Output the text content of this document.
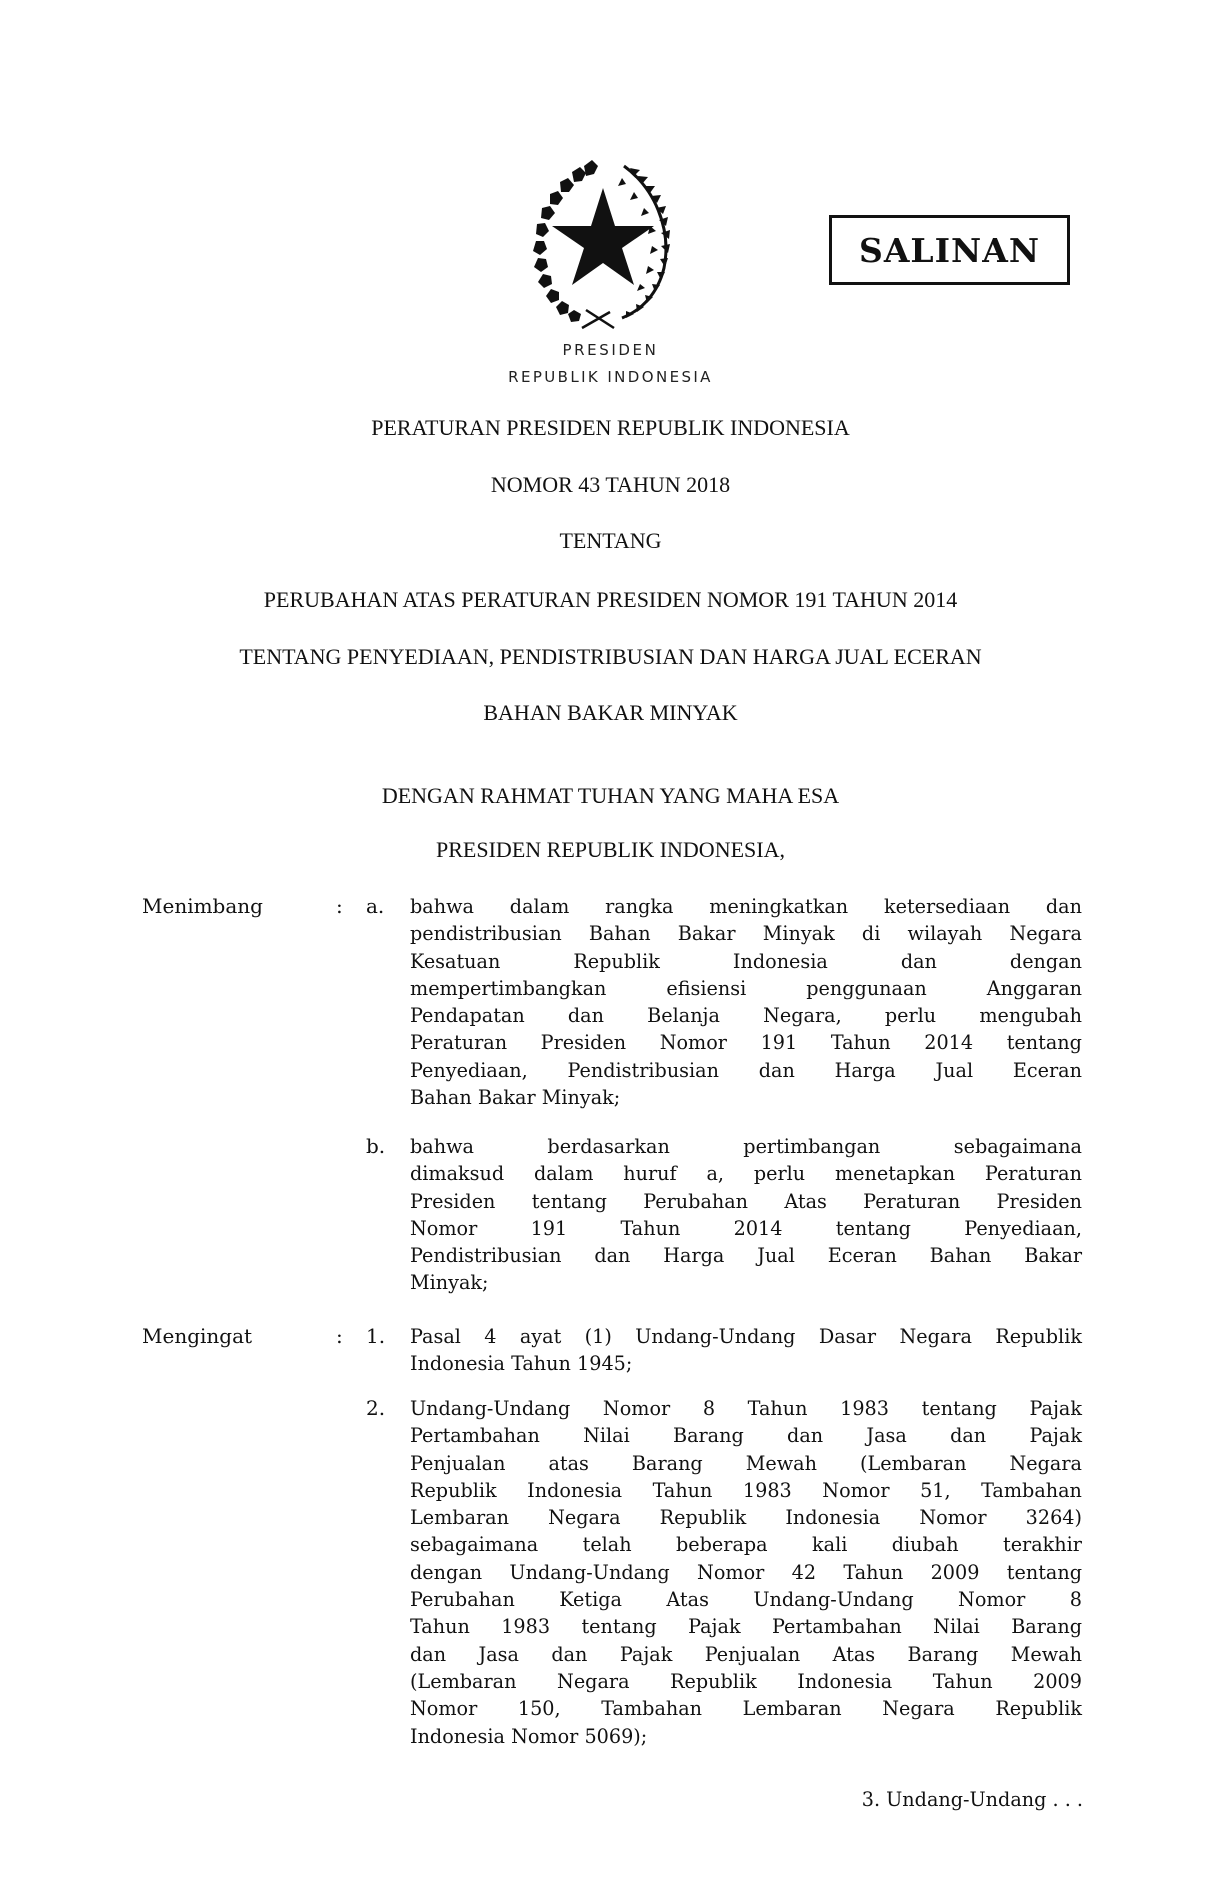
SALINAN
PRESIDEN
REPUBLIK INDONESIA
PERATURAN PRESIDEN REPUBLIK INDONESIA
NOMOR 43 TAHUN 2018
TENTANG
PERUBAHAN ATAS PERATURAN PRESIDEN NOMOR 191 TAHUN 2014
TENTANG PENYEDIAAN, PENDISTRIBUSIAN DAN HARGA JUAL ECERAN
BAHAN BAKAR MINYAK
DENGAN RAHMAT TUHAN YANG MAHA ESA
PRESIDEN REPUBLIK INDONESIA,
Menimbang	: a. bahwa dalam rangka meningkatkan ketersediaan dan
pendistribusian Bahan Bakar Minyak di wilayah Negara
Kesatuan	Republik	Indonesia	dan	dengan
mempertimbangkan	efisiensi	penggunaan	Anggaran
Pendapatan dan Belanja Negara, perlu mengubah
Peraturan Presiden Nomor 191 Tahun 2014 tentang
Penyediaan, Pendistribusian dan Harga Jual Eceran
Bahan Bakar Minyak;
b. bahwa	berdasarkan	pertimbangan	sebagaimana
dimaksud dalam huruf a, perlu menetapkan Peraturan
Presiden tentang Perubahan Atas Peraturan Presiden
Nomor	191	Tahun	2014	tentang	Penyediaan,
Pendistribusian dan Harga Jual Eceran Bahan Bakar
Minyak;
Mengingat	: 1. Pasal 4 ayat (1) Undang-Undang Dasar Negara Republik
Indonesia Tahun 1945;
2. Undang-Undang Nomor 8 Tahun 1983 tentang Pajak
Pertambahan Nilai Barang dan Jasa dan Pajak
Penjualan atas Barang Mewah (Lembaran Negara
Republik Indonesia Tahun 1983 Nomor 51, Tambahan
Lembaran Negara Republik Indonesia Nomor 3264)
sebagaimana telah beberapa kali diubah terakhir
dengan Undang-Undang Nomor 42 Tahun 2009 tentang
Perubahan Ketiga Atas Undang-Undang Nomor 8
Tahun 1983 tentang Pajak Pertambahan Nilai Barang
dan Jasa dan Pajak Penjualan Atas Barang Mewah
(Lembaran Negara Republik Indonesia Tahun 2009
Nomor 150, Tambahan Lembaran Negara Republik
Indonesia Nomor 5069);
3. Undang-Undang . . .
